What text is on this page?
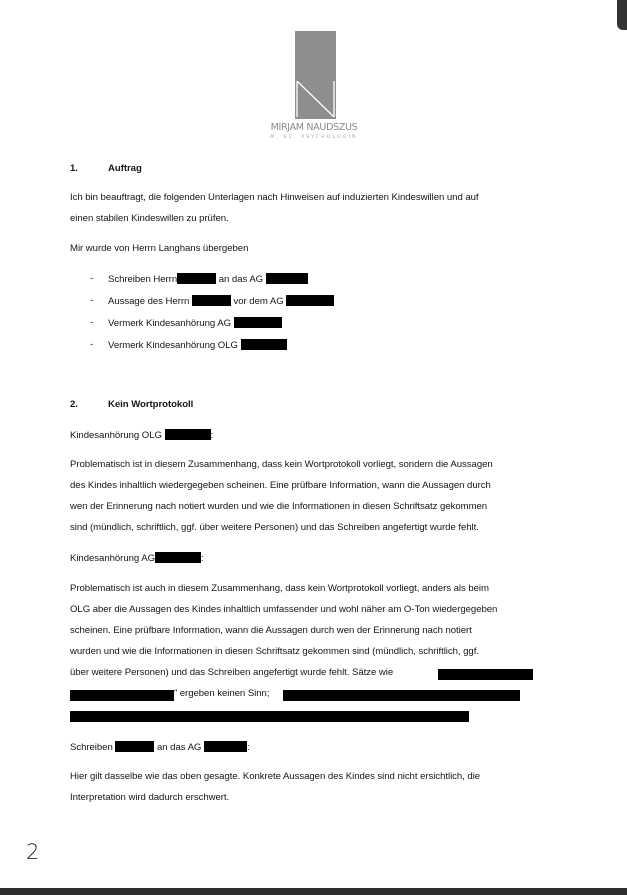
MIRJAM NAUDSZUS
M. SC. PSYCHOLOGIN
1.	Auftrag
Ich bin beauftragt, die folgenden Unterlagen nach Hinweisen auf induzierten Kindeswillen und auf
einen stabilen Kindeswillen zu prüfen.
Mir wurde von Herrn Langhans übergeben
- Schreiben Herrn	an das AG
- Aussage des Herrn	vor dem AG
- Vermerk Kindesanhörung AG
- Vermerk Kindesanhörung OLG
2.	Kein Wortprotokoll
Kindesanhörung OLG	:
Problematisch ist in diesem Zusammenhang, dass kein Wortprotokoll vorliegt, sondern die Aussagen
des Kindes inhaltlich wiedergegeben scheinen. Eine prüfbare Information, wann die Aussagen durch
wen der Erinnerung nach notiert wurden und wie die Informationen in diesen Schriftsatz gekommen
sind (mündlich, schriftlich, ggf. über weitere Personen) und das Schreiben angefertigt wurde fehlt.
Kindesanhörung AG	:
Problematisch ist auch in diesem Zusammenhang, dass kein Wortprotokoll vorliegt, anders als beim
OLG aber die Aussagen des Kindes inhaltlich umfassender und wohl näher am O-Ton wiedergegeben
scheinen. Eine prüfbare Information, wann die Aussagen durch wen der Erinnerung nach notiert
wurden und wie die Informationen in diesen Schriftsatz gekommen sind (mündlich, schriftlich, ggf.
über weitere Personen) und das Schreiben angefertigt wurde fehlt. Sätze wie
” ergeben keinen Sinn;
Schreiben	an das AG	:
Hier gilt dasselbe wie das oben gesagte. Konkrete Aussagen des Kindes sind nicht ersichtlich, die
Interpretation wird dadurch erschwert.
2
